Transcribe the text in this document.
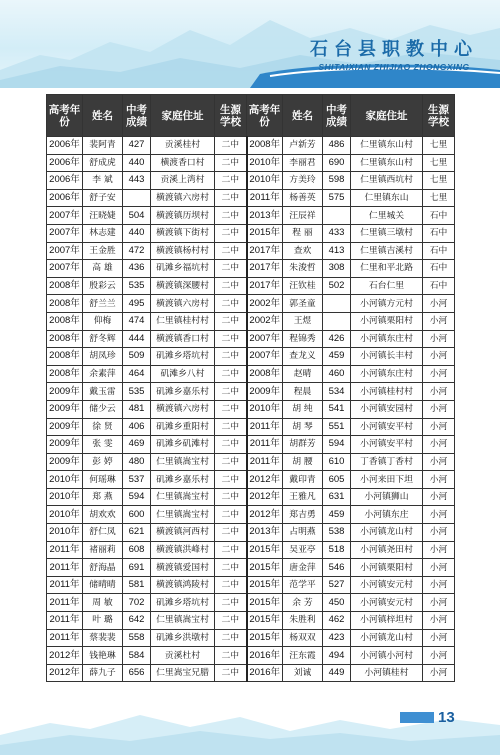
石台县职教中心
SHITAIXIAN ZHIJIAO ZHONGXING
高考年份	姓名	中考成绩	家庭住址	生源学校	高考年份	姓名	中考成绩	家庭住址	生源学校
2006年	裴阿青	427	贡溪桂村	二中	2008年	卢新芳	486	仁里镇东山村	七里
2006年	舒成虎	440	横渡香口村	二中	2010年	李丽君	690	仁里镇东山村	七里
2006年	李 斌	443	贡溪上湾村	二中	2010年	方美玲	598	仁里镇西坑村	七里
2006年	舒子安		横渡镇六房村	二中	2011年	杨善英	575	仁里镇东山	七里
2007年	汪晓婕	504	横渡镇历坝村	二中	2013年	汪辰祥		仁里城关	石中
2007年	林志建	440	横渡镇下街村	二中	2015年	程 丽	433	仁里镇三墩村	石中
2007年	王金胜	472	横渡镇杨村村	二中	2017年	查欢	413	仁里镇吉溪村	石中
2007年	高 雄	436	矶滩乡福坑村	二中	2017年	朱浚哲	308	仁里和平北路	石中
2008年	殷彩云	535	横渡镇深腰村	二中	2017年	汪钦桂	502	石台仁里	石中
2008年	舒兰兰	495	横渡镇六房村	二中	2002年	郭圣童		小河镇方元村	小河
2008年	仰梅	474	仁里镇桂村村	二中	2002年	王煜		小河镇栗阳村	小河
2008年	舒冬辉	444	横渡镇香口村	二中	2007年	程锦秀	426	小河镇东庄村	小河
2008年	胡凤珍	509	矶滩乡塔坑村	二中	2007年	查龙义	459	小河镇长丰村	小河
2008年	余素萍	464	矶滩乡八村	二中	2008年	赵晴	460	小河镇东庄村	小河
2009年	戴玉雷	535	矶滩乡嘉乐村	二中	2009年	程晨	534	小河镇桂村村	小河
2009年	储少云	481	横渡镇六房村	二中	2010年	胡 纯	541	小河镇安园村	小河
2009年	徐 贤	406	矶滩乡重阳村	二中	2011年	胡 琴	551	小河镇安平村	小河
2009年	张 雯	469	矶滩乡矶滩村	二中	2011年	胡群芳	594	小河镇安平村	小河
2009年	彭 婷	480	仁里镇嵩宝村	二中	2011年	胡 腰	610	丁香镇丁香村	小河
2010年	何瑶琳	537	矶滩乡嘉乐村	二中	2012年	戴印青	605	小河来田下坦	小河
2010年	郑 燕	594	仁里镇嵩宝村	二中	2012年	王雅凡	631	小河镇狮山	小河
2010年	胡欢欢	600	仁里镇嵩宝村	二中	2012年	郑吉勇	459	小河镇东庄	小河
2010年	舒仁凤	621	横渡镇河西村	二中	2013年	占明燕	538	小河镇龙山村	小河
2011年	褚丽莉	608	横渡镇洪峰村	二中	2015年	吴亚亭	518	小河镇尧田村	小河
2011年	舒海晶	691	横渡镇爱国村	二中	2015年	唐金萍	546	小河镇栗阳村	小河
2011年	储晴晴	581	横渡镇鸿陵村	二中	2015年	范学平	527	小河镇安元村	小河
2011年	周 敏	702	矶滩乡塔坑村	二中	2015年	余 芳	450	小河镇安元村	小河
2011年	叶 璐	642	仁里镇嵩宝村	二中	2015年	朱胜利	462	小河镇梓坦村	小河
2011年	蔡裴裴	558	矶滩乡洪墩村	二中	2015年	杨双双	423	小河镇龙山村	小河
2012年	钱艳琳	584	贡溪杜村	二中	2016年	汪东霞	494	小河镇小河村	小河
2012年	薛九子	656	仁里嵩宝兄腊	二中	2016年	刘诚	449	小河镇桂村	小河
13
